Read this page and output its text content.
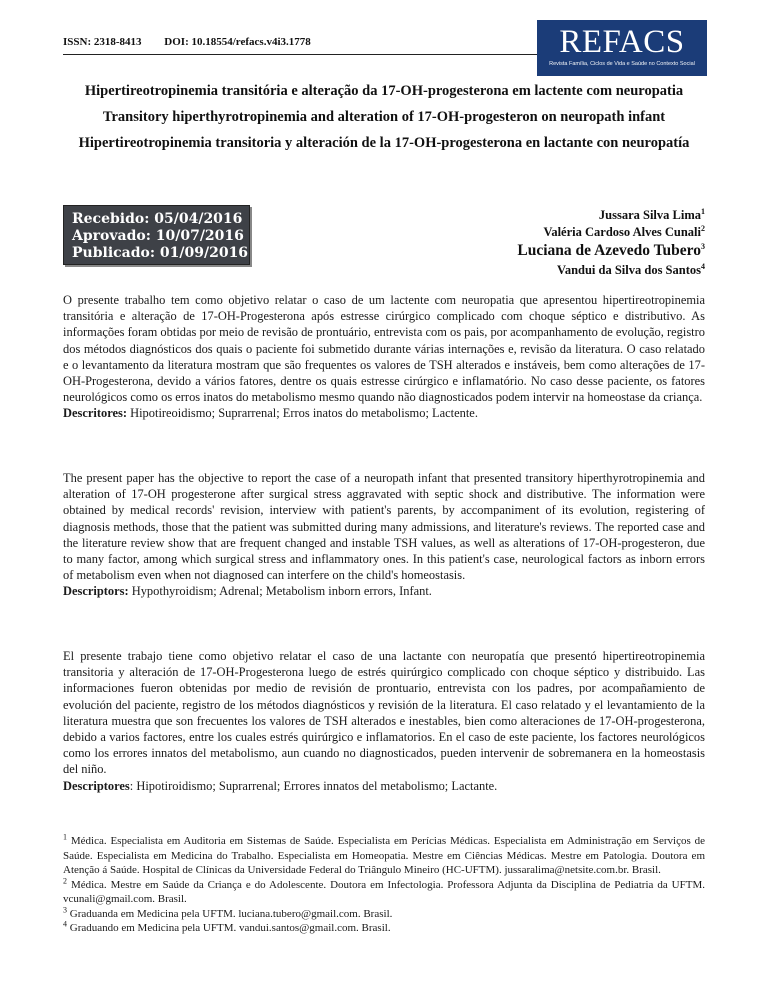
ISSN: 2318-8413 DOI: 10.18554/refacs.v4i3.1778	REFACS
Revista Família, Ciclos de Vida e Saúde no Contexto Social

Hipertireotropinemia transitória e alteração da 17-OH-progesterona em lactente com neuropatia

Transitory hiperthyrotropinemia and alteration of 17-OH-progesteron on neuropath infant

Hipertireotropinemia transitoria y alteración de la 17-OH-progesterona en lactante con neuropatía

Recebido: 05/04/2016
Aprovado: 10/07/2016
Publicado: 01/09/2016
Jussara Silva Lima$^1$
Valéria Cardoso Alves Cunali$^2$
Luciana de Azevedo Tubero$^3$
Vandui da Silva dos Santos$^4$

O presente trabalho tem como objetivo relatar o caso de um lactente com neuropatia que apresentou hipertireotropinemia transitória e alteração de 17-OH-Progesterona após estresse cirúrgico complicado com choque séptico e distributivo. As informações foram obtidas por meio de revisão de prontuário, entrevista com os pais, por acompanhamento de evolução, registro dos métodos diagnósticos dos quais o paciente foi submetido durante várias internações e, revisão da literatura. O caso relatado e o levantamento da literatura mostram que são frequentes os valores de TSH alterados e instáveis, bem como alterações de 17-OH-Progesterona, devido a vários fatores, dentre os quais estresse cirúrgico e inflamatório. No caso desse paciente, os fatores neurológicos como os erros inatos do metabolismo mesmo quando não diagnosticados podem intervir na homeostase da criança.

Descritores: Hipotireoidismo; Suprarrenal; Erros inatos do metabolismo; Lactente.

The present paper has the objective to report the case of a neuropath infant that presented transitory hiperthyrotropinemia and alteration of 17-OH progesterone after surgical stress aggravated with septic shock and distributive. The information were obtained by medical records' revision, interview with patient's parents, by accompaniment of its evolution, registering of diagnosis methods, those that the patient was submitted during many admissions, and literature's reviews. The reported case and the literature review show that are frequent changed and instable TSH values, as well as alterations of 17-OH-progesteron, due to many factor, among which surgical stress and inflammatory ones. In this patient's case, neurological factors as inborn errors of metabolism even when not diagnosed can interfere on the child's homeostasis.

Descriptors: Hypothyroidism; Adrenal; Metabolism inborn errors, Infant.

El presente trabajo tiene como objetivo relatar el caso de una lactante con neuropatía que presentó hipertireotropinemia transitoria y alteración de 17-OH-Progesterona luego de estrés quirúrgico complicado con choque séptico y distribuido. Las informaciones fueron obtenidas por medio de revisión de prontuario, entrevista con los padres, por acompañamiento de evolución del paciente, registro de los métodos diagnósticos y revisión de la literatura. El caso relatado y el levantamiento de la literatura muestra que son frecuentes los valores de TSH alterados e inestables, bien como alteraciones de 17-OH-progesterona, debido a varios factores, entre los cuales estrés quirúrgico e inflamatorios. En el caso de este paciente, los factores neurológicos como los errores innatos del metabolismo, aun cuando no diagnosticados, pueden intervenir de sobremanera en la homeostasis del niño.

Descriptores: Hipotiroidismo; Suprarrenal; Errores innatos del metabolismo; Lactante.

$^1$ Médica. Especialista em Auditoria em Sistemas de Saúde. Especialista em Perícias Médicas. Especialista em Administração em Serviços de Saúde. Especialista em Medicina do Trabalho. Especialista em Homeopatia. Mestre em Ciências Médicas. Mestre em Patologia. Doutora em Atenção á Saúde. Hospital de Clínicas da Universidade Federal do Triângulo Mineiro (HC-UFTM). jussaralima@netsite.com.br. Brasil.

$^2$ Médica. Mestre em Saúde da Criança e do Adolescente. Doutora em Infectologia. Professora Adjunta da Disciplina de Pediatria da UFTM. vcunali@gmail.com. Brasil.

$^3$ Graduanda em Medicina pela UFTM. luciana.tubero@gmail.com. Brasil.

$^4$ Graduando em Medicina pela UFTM. vandui.santos@gmail.com. Brasil.
